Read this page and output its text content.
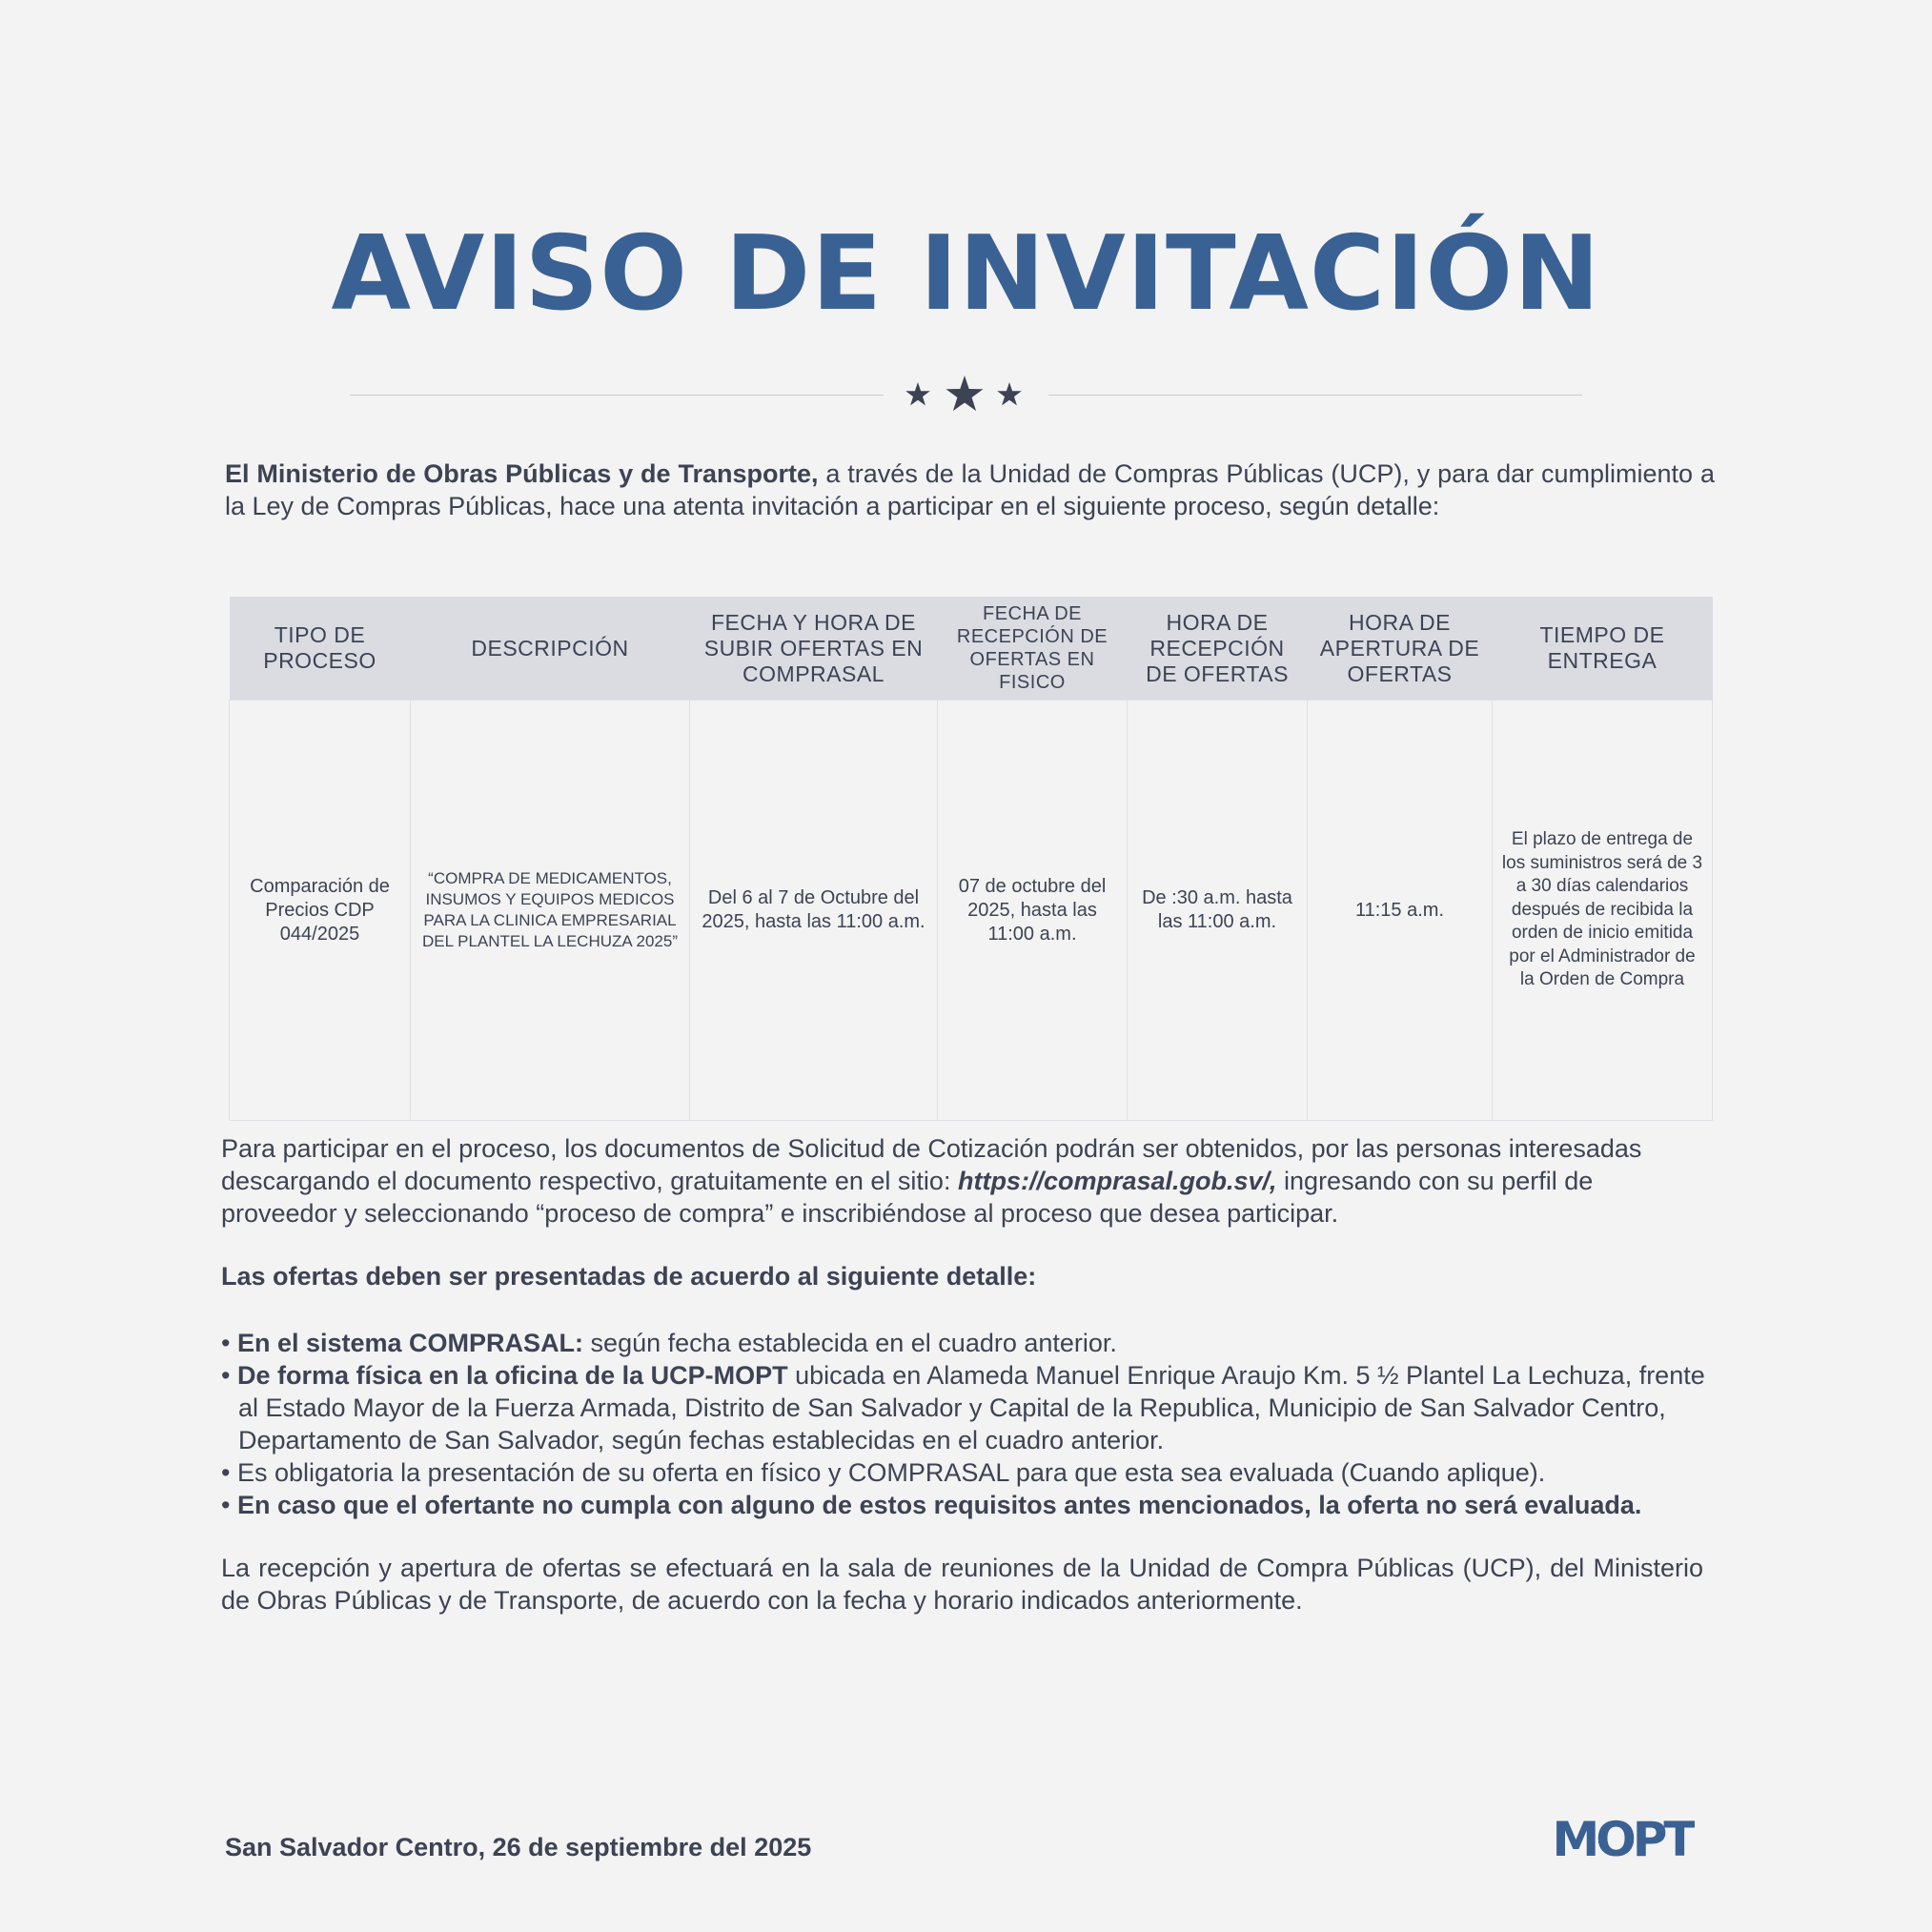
AVISO DE INVITACIÓN

El Ministerio de Obras Públicas y de Transporte, a través de la Unidad de Compras Públicas (UCP), y para dar cumplimiento a la Ley de Compras Públicas, hace una atenta invitación a participar en el siguiente proceso, según detalle:

TIPO DE PROCESO	DESCRIPCIÓN	FECHA Y HORA DE SUBIR OFERTAS EN COMPRASAL	FECHA DE RECEPCIÓN DE OFERTAS EN FISICO	HORA DE RECEPCIÓN DE OFERTAS	HORA DE APERTURA DE OFERTAS	TIEMPO DE ENTREGA
Comparación de Precios CDP 044/2025	“COMPRA DE MEDICAMENTOS, INSUMOS Y EQUIPOS MEDICOS PARA LA CLINICA EMPRESARIAL DEL PLANTEL LA LECHUZA 2025”	Del 6 al 7 de Octubre del 2025, hasta las 11:00 a.m.	07 de octubre del 2025, hasta las 11:00 a.m.	De :30 a.m. hasta las 11:00 a.m.	11:15 a.m.	El plazo de entrega de los suministros será de 3 a 30 días calendarios después de recibida la orden de inicio emitida por el Administrador de la Orden de Compra

Para participar en el proceso, los documentos de Solicitud de Cotización podrán ser obtenidos, por las personas interesadas descargando el documento respectivo, gratuitamente en el sitio: https://comprasal.gob.sv/, ingresando con su perfil de proveedor y seleccionando “proceso de compra” e inscribiéndose al proceso que desea participar.

Las ofertas deben ser presentadas de acuerdo al siguiente detalle:

• En el sistema COMPRASAL: según fecha establecida en el cuadro anterior.
• De forma física en la oficina de la UCP-MOPT ubicada en Alameda Manuel Enrique Araujo Km. 5 ½ Plantel La Lechuza, frente al Estado Mayor de la Fuerza Armada, Distrito de San Salvador y Capital de la Republica, Municipio de San Salvador Centro, Departamento de San Salvador, según fechas establecidas en el cuadro anterior.
• Es obligatoria la presentación de su oferta en físico y COMPRASAL para que esta sea evaluada (Cuando aplique).
• En caso que el ofertante no cumpla con alguno de estos requisitos antes mencionados, la oferta no será evaluada.

La recepción y apertura de ofertas se efectuará en la sala de reuniones de la Unidad de Compra Públicas (UCP), del Ministerio de Obras Públicas y de Transporte, de acuerdo con la fecha y horario indicados anteriormente.

San Salvador Centro, 26 de septiembre del 2025	MOPT
